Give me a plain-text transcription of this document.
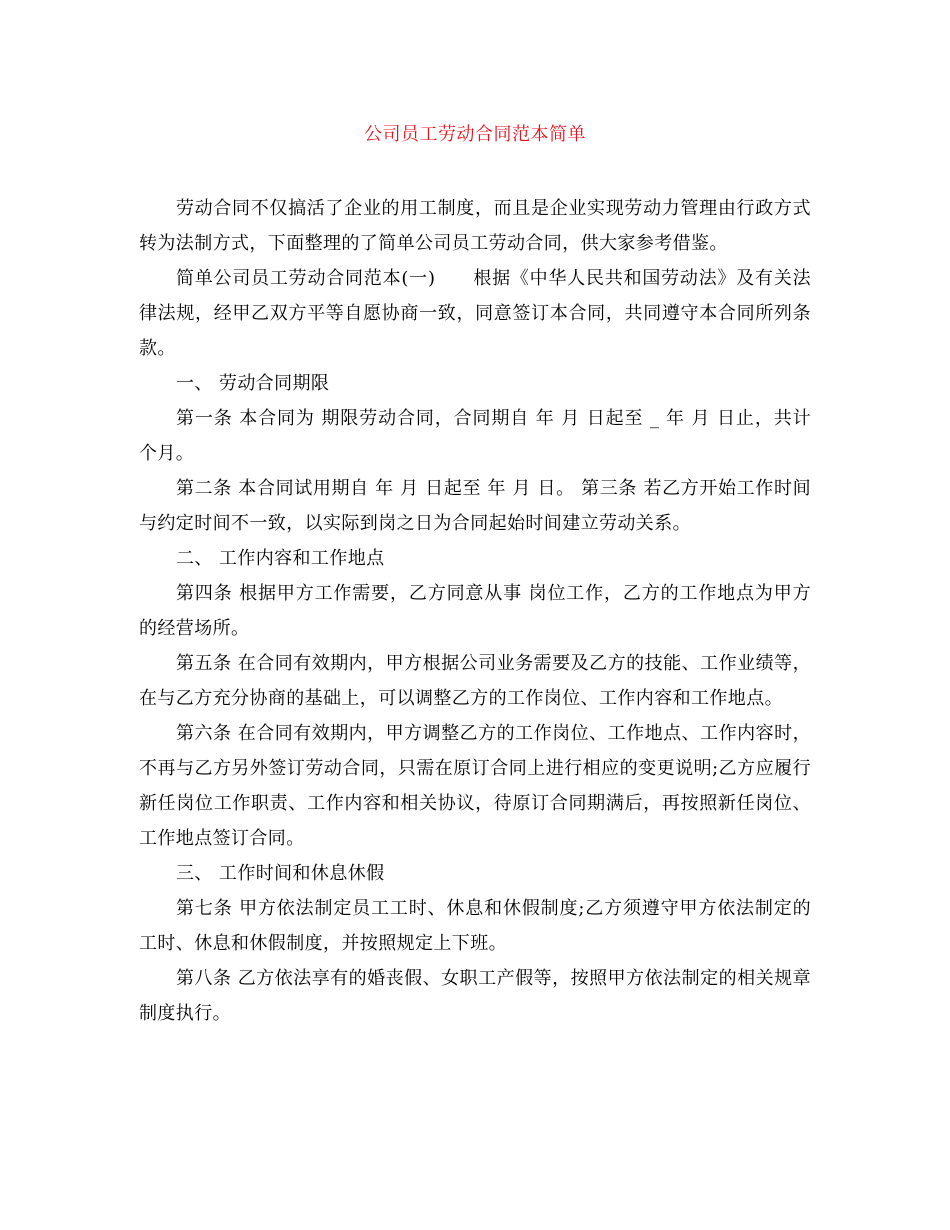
公司员工劳动合同范本简单

劳动合同不仅搞活了企业的用工制度，而且是企业实现劳动力管理由行政方式转为法制方式，下面整理的了简单公司员工劳动合同，供大家参考借鉴。

简单公司员工劳动合同范本(一)　　根据《中华人民共和国劳动法》及有关法律法规，经甲乙双方平等自愿协商一致，同意签订本合同，共同遵守本合同所列条款。

一、 劳动合同期限

第一条 本合同为 期限劳动合同，合同期自 年 月 日起至 _ 年 月 日止，共计 个月。

第二条 本合同试用期自 年 月 日起至 年 月 日。 第三条 若乙方开始工作时间与约定时间不一致，以实际到岗之日为合同起始时间建立劳动关系。

二、 工作内容和工作地点

第四条 根据甲方工作需要，乙方同意从事 岗位工作，乙方的工作地点为甲方的经营场所。

第五条 在合同有效期内，甲方根据公司业务需要及乙方的技能、工作业绩等，在与乙方充分协商的基础上，可以调整乙方的工作岗位、工作内容和工作地点。

第六条 在合同有效期内，甲方调整乙方的工作岗位、工作地点、工作内容时，不再与乙方另外签订劳动合同，只需在原订合同上进行相应的变更说明;乙方应履行新任岗位工作职责、工作内容和相关协议，待原订合同期满后，再按照新任岗位、工作地点签订合同。

三、 工作时间和休息休假

第七条 甲方依法制定员工工时、休息和休假制度;乙方须遵守甲方依法制定的工时、休息和休假制度，并按照规定上下班。

第八条 乙方依法享有的婚丧假、女职工产假等，按照甲方依法制定的相关规章制度执行。
